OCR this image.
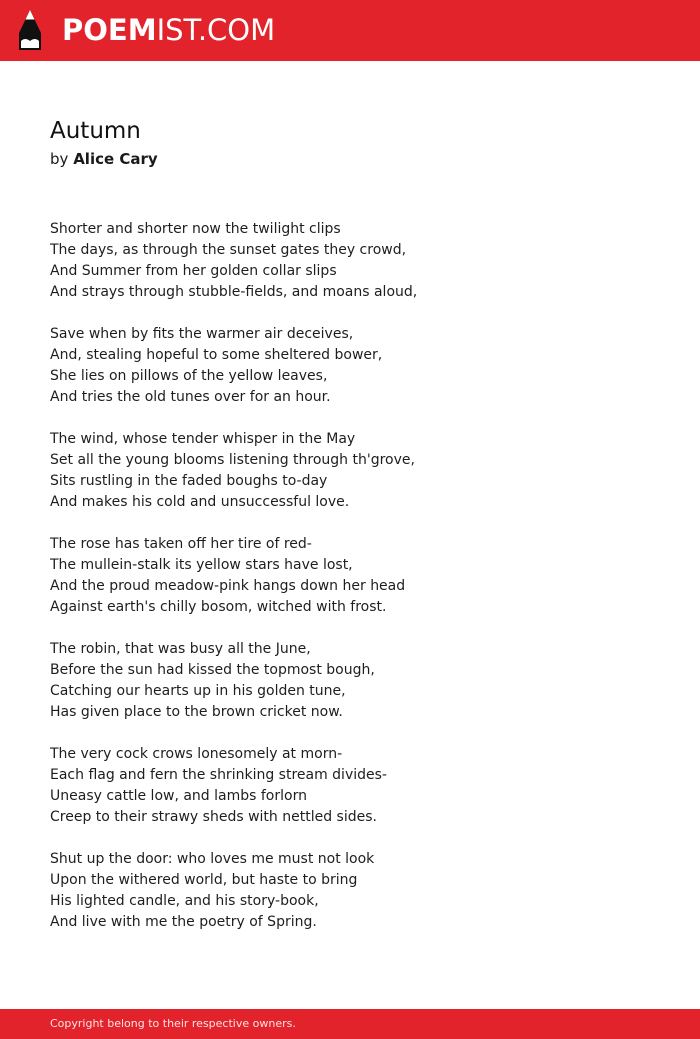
POEMIST.COM
Autumn
by Alice Cary
Shorter and shorter now the twilight clips
The days, as through the sunset gates they crowd,
And Summer from her golden collar slips
And strays through stubble-fields, and moans aloud,
Save when by fits the warmer air deceives,
And, stealing hopeful to some sheltered bower,
She lies on pillows of the yellow leaves,
And tries the old tunes over for an hour.
The wind, whose tender whisper in the May
Set all the young blooms listening through th'grove,
Sits rustling in the faded boughs to-day
And makes his cold and unsuccessful love.
The rose has taken off her tire of red-
The mullein-stalk its yellow stars have lost,
And the proud meadow-pink hangs down her head
Against earth's chilly bosom, witched with frost.
The robin, that was busy all the June,
Before the sun had kissed the topmost bough,
Catching our hearts up in his golden tune,
Has given place to the brown cricket now.
The very cock crows lonesomely at morn-
Each flag and fern the shrinking stream divides-
Uneasy cattle low, and lambs forlorn
Creep to their strawy sheds with nettled sides.
Shut up the door: who loves me must not look
Upon the withered world, but haste to bring
His lighted candle, and his story-book,
And live with me the poetry of Spring.
Copyright belong to their respective owners.
